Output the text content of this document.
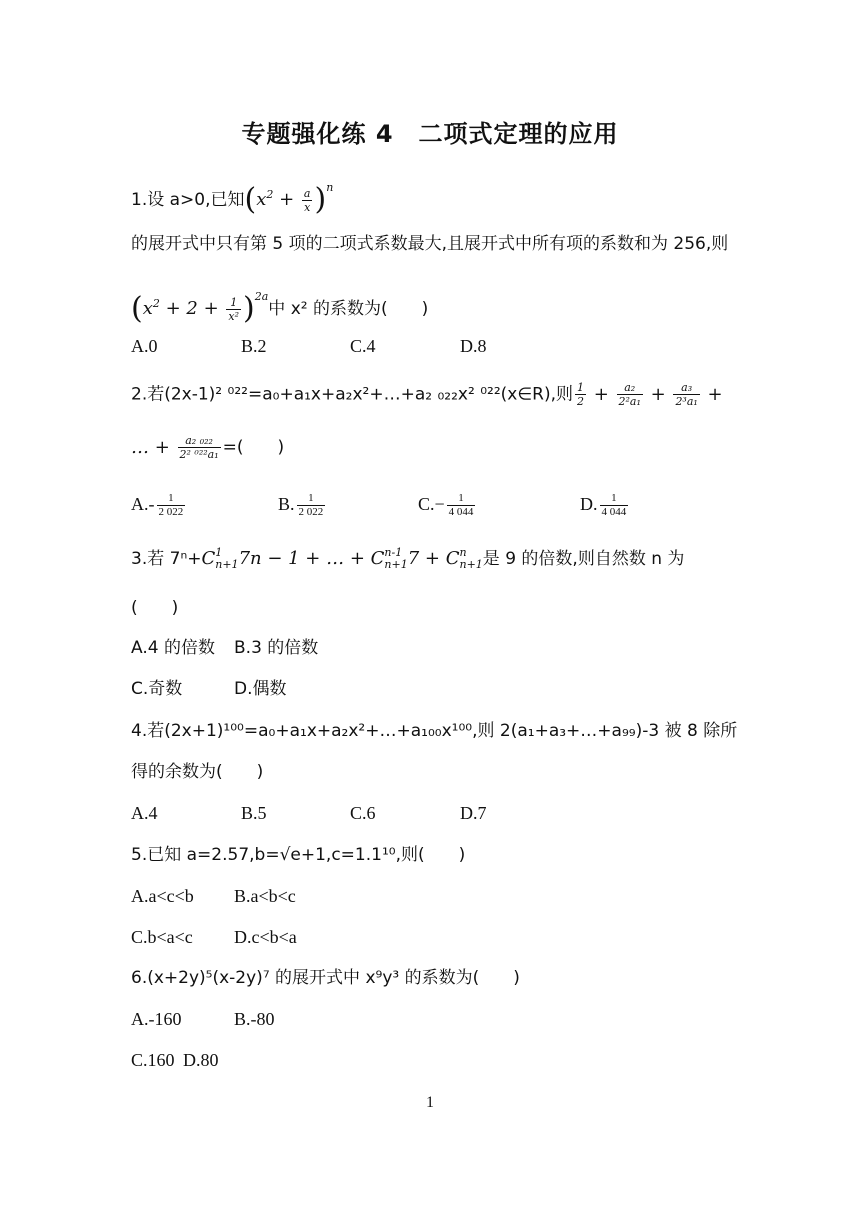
专题强化练 4　二项式定理的应用
1.设 a>0,已知$(x^2 + \frac{a}{x} )^n$
的展开式中只有第 5 项的二项式系数最大,且展开式中所有项的系数和为 256,则
$(x^2 + 2 + \frac{1}{\text{x²}} )^{2a}$中 x² 的系数为(　　)
A.0	B.2	C.4	D.8
2.若(2x-1)² ⁰²²=a₀+a₁x+a₂x²+…+a₂ ₀₂₂x² ⁰²²(x∈R),则 $\frac{1}{2} + \frac{\text{a₂}}{\text{2²a₁}} + \frac{\text{a₃}}{\text{2³a₁}}$ +
… + $\frac{\text{a₂ ₀₂₂}}{\text{2² ⁰²²a₁}}$ =(　　)
$A.- \frac{1}{2 022}$	B. $\frac{1}{2 022}$	$C.- \frac{1}{4 044}$	D. $\frac{1}{4 044}$
3.若 7ⁿ+C 1
n+1 7n − 1 + … + C n-1
n+1 7 + C n
n+1 是 9 的倍数,则自然数 n 为
(　　)
A.4 的倍数 B.3 的倍数
C.奇数	D.偶数
4.若(2x+1)¹⁰⁰=a₀+a₁x+a₂x²+…+a₁₀₀x¹⁰⁰,则 2(a₁+a₃+…+a₉₉)-3 被 8 除所
得的余数为(　　)
A.4	B.5	C.6	D.7
5.已知 a=2.57,b=√e+1,c=1.1¹⁰,则(　　)
A.a<c<b B.a<b<c
C.b<a<c D.c<b<a
6.(x+2y)⁵(x-2y)⁷ 的展开式中 x⁹y³ 的系数为(　　)
A.-160	B.-80
C.160 D.80
1
